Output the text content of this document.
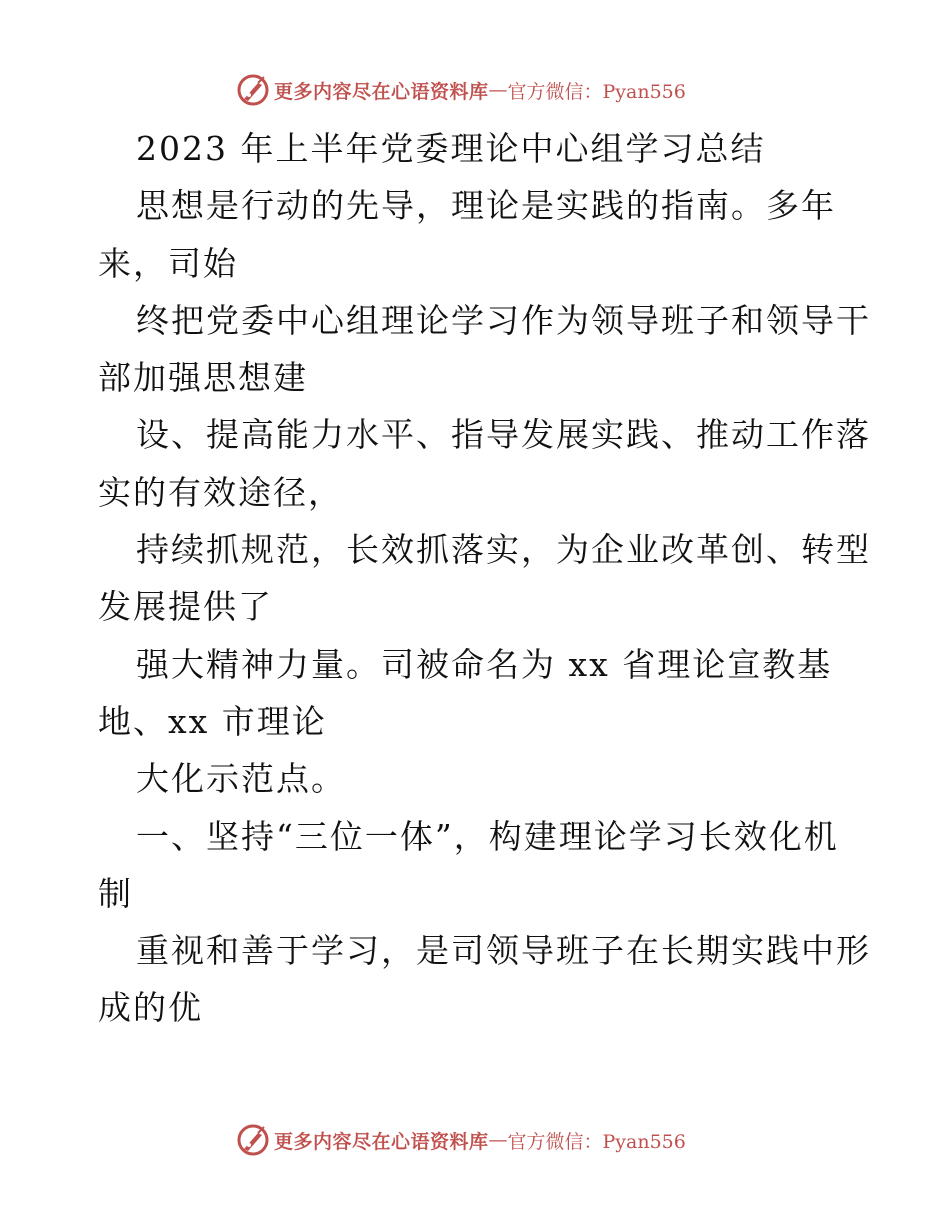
更多内容尽在心语资料库 — 官方微信：Pyan556
2023 年上半年党委理论中心组学习总结
思想是行动的先导，理论是实践的指南。多年
来，司始
终把党委中心组理论学习作为领导班子和领导干
部加强思想建
设、提高能力水平、指导发展实践、推动工作落
实的有效途径，
持续抓规范，长效抓落实，为企业改革创、转型
发展提供了
强大精神力量。司被命名为 xx 省理论宣教基
地、xx 市理论
大化示范点。
一、坚持“三位一体”，构建理论学习长效化机
制
重视和善于学习，是司领导班子在长期实践中形
成的优
更多内容尽在心语资料库 — 官方微信：Pyan556
